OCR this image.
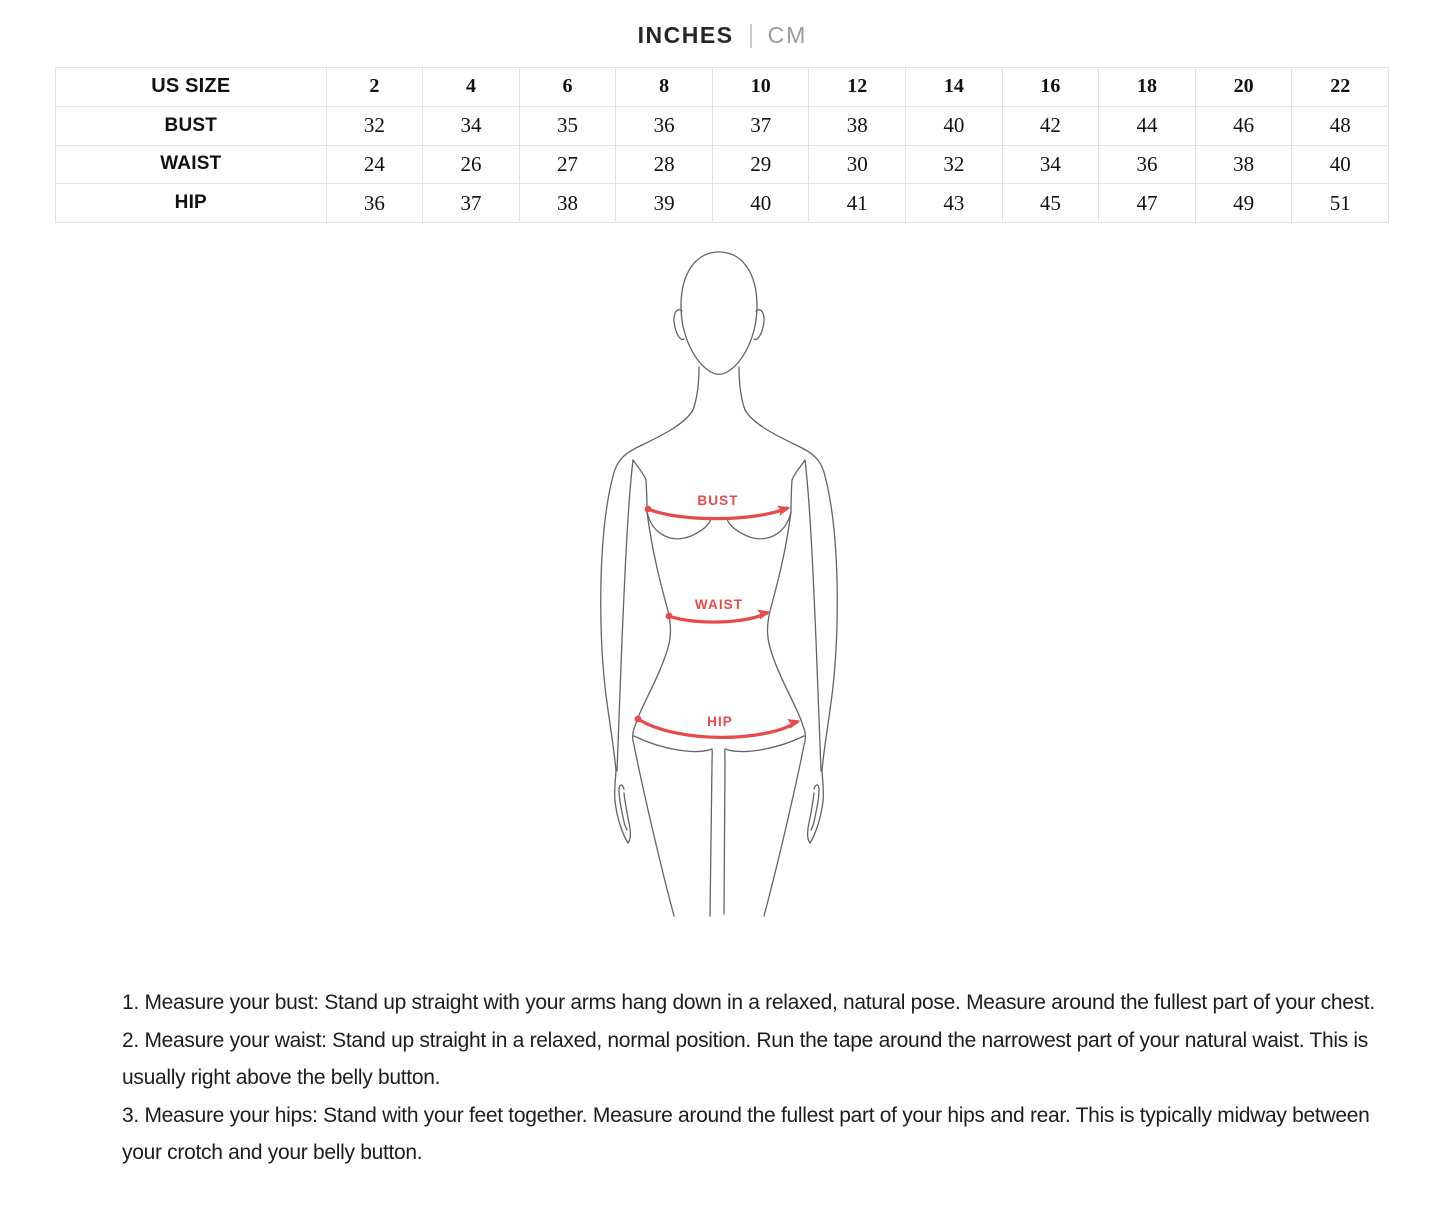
INCHES CM
US SIZE	2	4	6	8	10	12	14	16	18	20	22
BUST	32	34	35	36	37	38	40	42	44	46	48
WAIST	24	26	27	28	29	30	32	34	36	38	40
HIP	36	37	38	39	40	41	43	45	47	49	51
BUST
WAIST
HIP

1. Measure your bust: Stand up straight with your arms hang down in a relaxed, natural pose. Measure around the fullest part of your chest.

2. Measure your waist: Stand up straight in a relaxed, normal position. Run the tape around the narrowest part of your natural waist. This is usually right above the belly button.

3. Measure your hips: Stand with your feet together. Measure around the fullest part of your hips and rear. This is typically midway between your crotch and your belly button.
